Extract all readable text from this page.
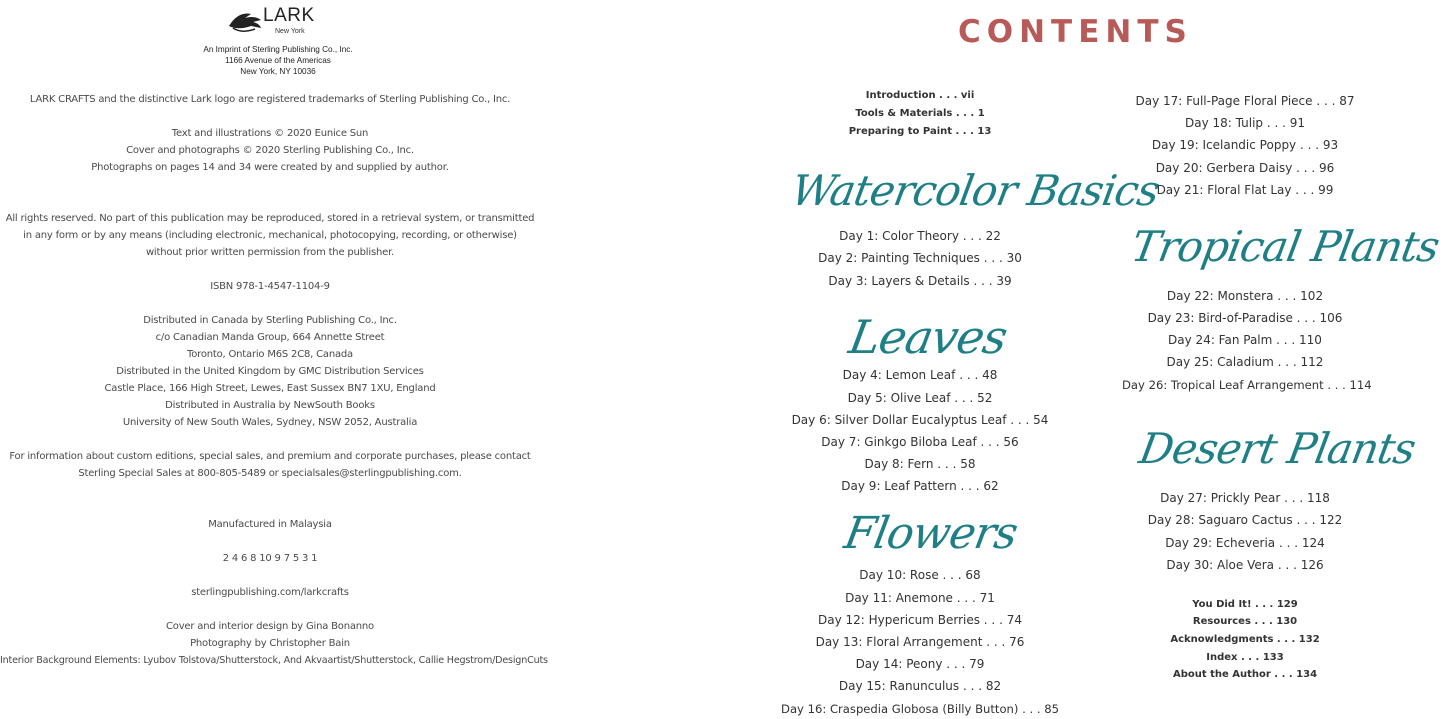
LARK
New York
An Imprint of Sterling Publishing Co., Inc.
1166 Avenue of the Americas
New York, NY 10036
LARK CRAFTS and the distinctive Lark logo are registered trademarks of Sterling Publishing Co., Inc.
Text and illustrations © 2020 Eunice Sun
Cover and photographs © 2020 Sterling Publishing Co., Inc.
Photographs on pages 14 and 34 were created by and supplied by author.
All rights reserved. No part of this publication may be reproduced, stored in a retrieval system, or transmitted
in any form or by any means (including electronic, mechanical, photocopying, recording, or otherwise)
without prior written permission from the publisher.
ISBN 978-1-4547-1104-9
Distributed in Canada by Sterling Publishing Co., Inc.
c/o Canadian Manda Group, 664 Annette Street
Toronto, Ontario M6S 2C8, Canada
Distributed in the United Kingdom by GMC Distribution Services
Castle Place, 166 High Street, Lewes, East Sussex BN7 1XU, England
Distributed in Australia by NewSouth Books
University of New South Wales, Sydney, NSW 2052, Australia
For information about custom editions, special sales, and premium and corporate purchases, please contact
Sterling Special Sales at 800-805-5489 or specialsales@sterlingpublishing.com.
Manufactured in Malaysia
2 4 6 8 10 9 7 5 3 1
sterlingpublishing.com/larkcrafts
Cover and interior design by Gina Bonanno
Photography by Christopher Bain
Interior Background Elements: Lyubov Tolstova/Shutterstock, And Akvaartist/Shutterstock, Callie Hegstrom/DesignCuts
CONTENTS
Introduction . . . vii
Tools & Materials . . . 1
Preparing to Paint . . . 13
Watercolor Basics
Day 1: Color Theory . . . 22
Day 2: Painting Techniques . . . 30
Day 3: Layers & Details . . . 39
Leaves
Day 4: Lemon Leaf . . . 48
Day 5: Olive Leaf . . . 52
Day 6: Silver Dollar Eucalyptus Leaf . . . 54
Day 7: Ginkgo Biloba Leaf . . . 56
Day 8: Fern . . . 58
Day 9: Leaf Pattern . . . 62
Flowers
Day 10: Rose . . . 68
Day 11: Anemone . . . 71
Day 12: Hypericum Berries . . . 74
Day 13: Floral Arrangement . . . 76
Day 14: Peony . . . 79
Day 15: Ranunculus . . . 82
Day 16: Craspedia Globosa (Billy Button) . . . 85
Day 17: Full-Page Floral Piece . . . 87
Day 18: Tulip . . . 91
Day 19: Icelandic Poppy . . . 93
Day 20: Gerbera Daisy . . . 96
Day 21: Floral Flat Lay . . . 99
Tropical Plants
Day 22: Monstera . . . 102
Day 23: Bird-of-Paradise . . . 106
Day 24: Fan Palm . . . 110
Day 25: Caladium . . . 112
Day 26: Tropical Leaf Arrangement . . . 114
Desert Plants
Day 27: Prickly Pear . . . 118
Day 28: Saguaro Cactus . . . 122
Day 29: Echeveria . . . 124
Day 30: Aloe Vera . . . 126
You Did It! . . . 129
Resources . . . 130
Acknowledgments . . . 132
Index . . . 133
About the Author . . . 134
